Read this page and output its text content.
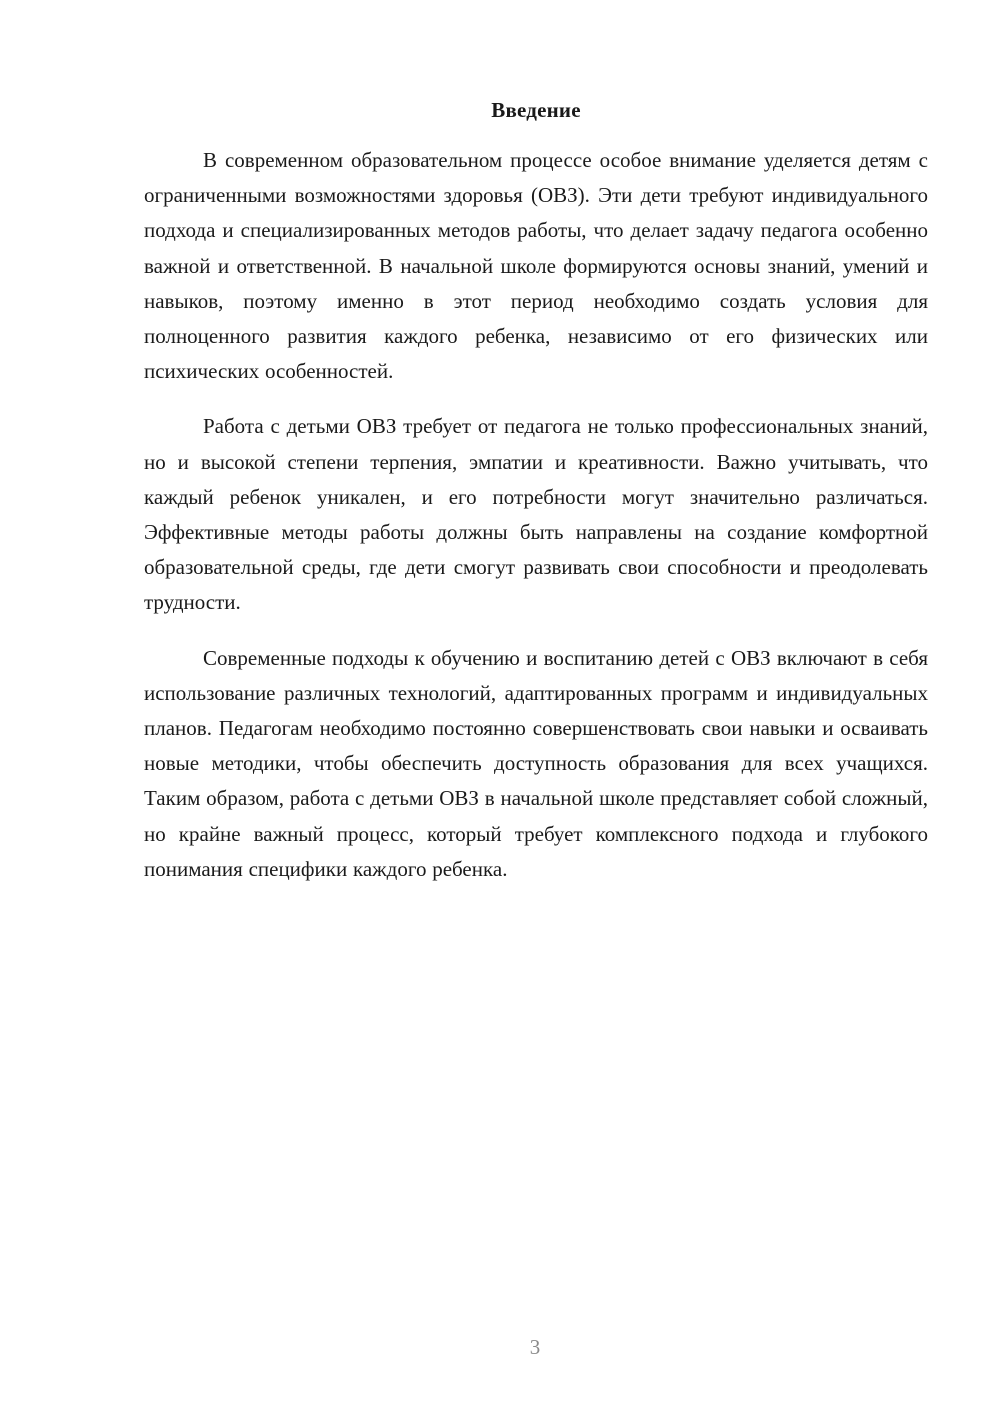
Введение

В современном образовательном процессе особое внимание уделяется детям с ограниченными возможностями здоровья (ОВЗ). Эти дети требуют индивидуального подхода и специализированных методов работы, что делает задачу педагога особенно важной и ответственной. В начальной школе формируются основы знаний, умений и навыков, поэтому именно в этот период необходимо создать условия для полноценного развития каждого ребенка, независимо от его физических или психических особенностей.

Работа с детьми ОВЗ требует от педагога не только профессиональных знаний, но и высокой степени терпения, эмпатии и креативности. Важно учитывать, что каждый ребенок уникален, и его потребности могут значительно различаться. Эффективные методы работы должны быть направлены на создание комфортной образовательной среды, где дети смогут развивать свои способности и преодолевать трудности.

Современные подходы к обучению и воспитанию детей с ОВЗ включают в себя использование различных технологий, адаптированных программ и индивидуальных планов. Педагогам необходимо постоянно совершенствовать свои навыки и осваивать новые методики, чтобы обеспечить доступность образования для всех учащихся. Таким образом, работа с детьми ОВЗ в начальной школе представляет собой сложный, но крайне важный процесс, который требует комплексного подхода и глубокого понимания специфики каждого ребенка.

3
